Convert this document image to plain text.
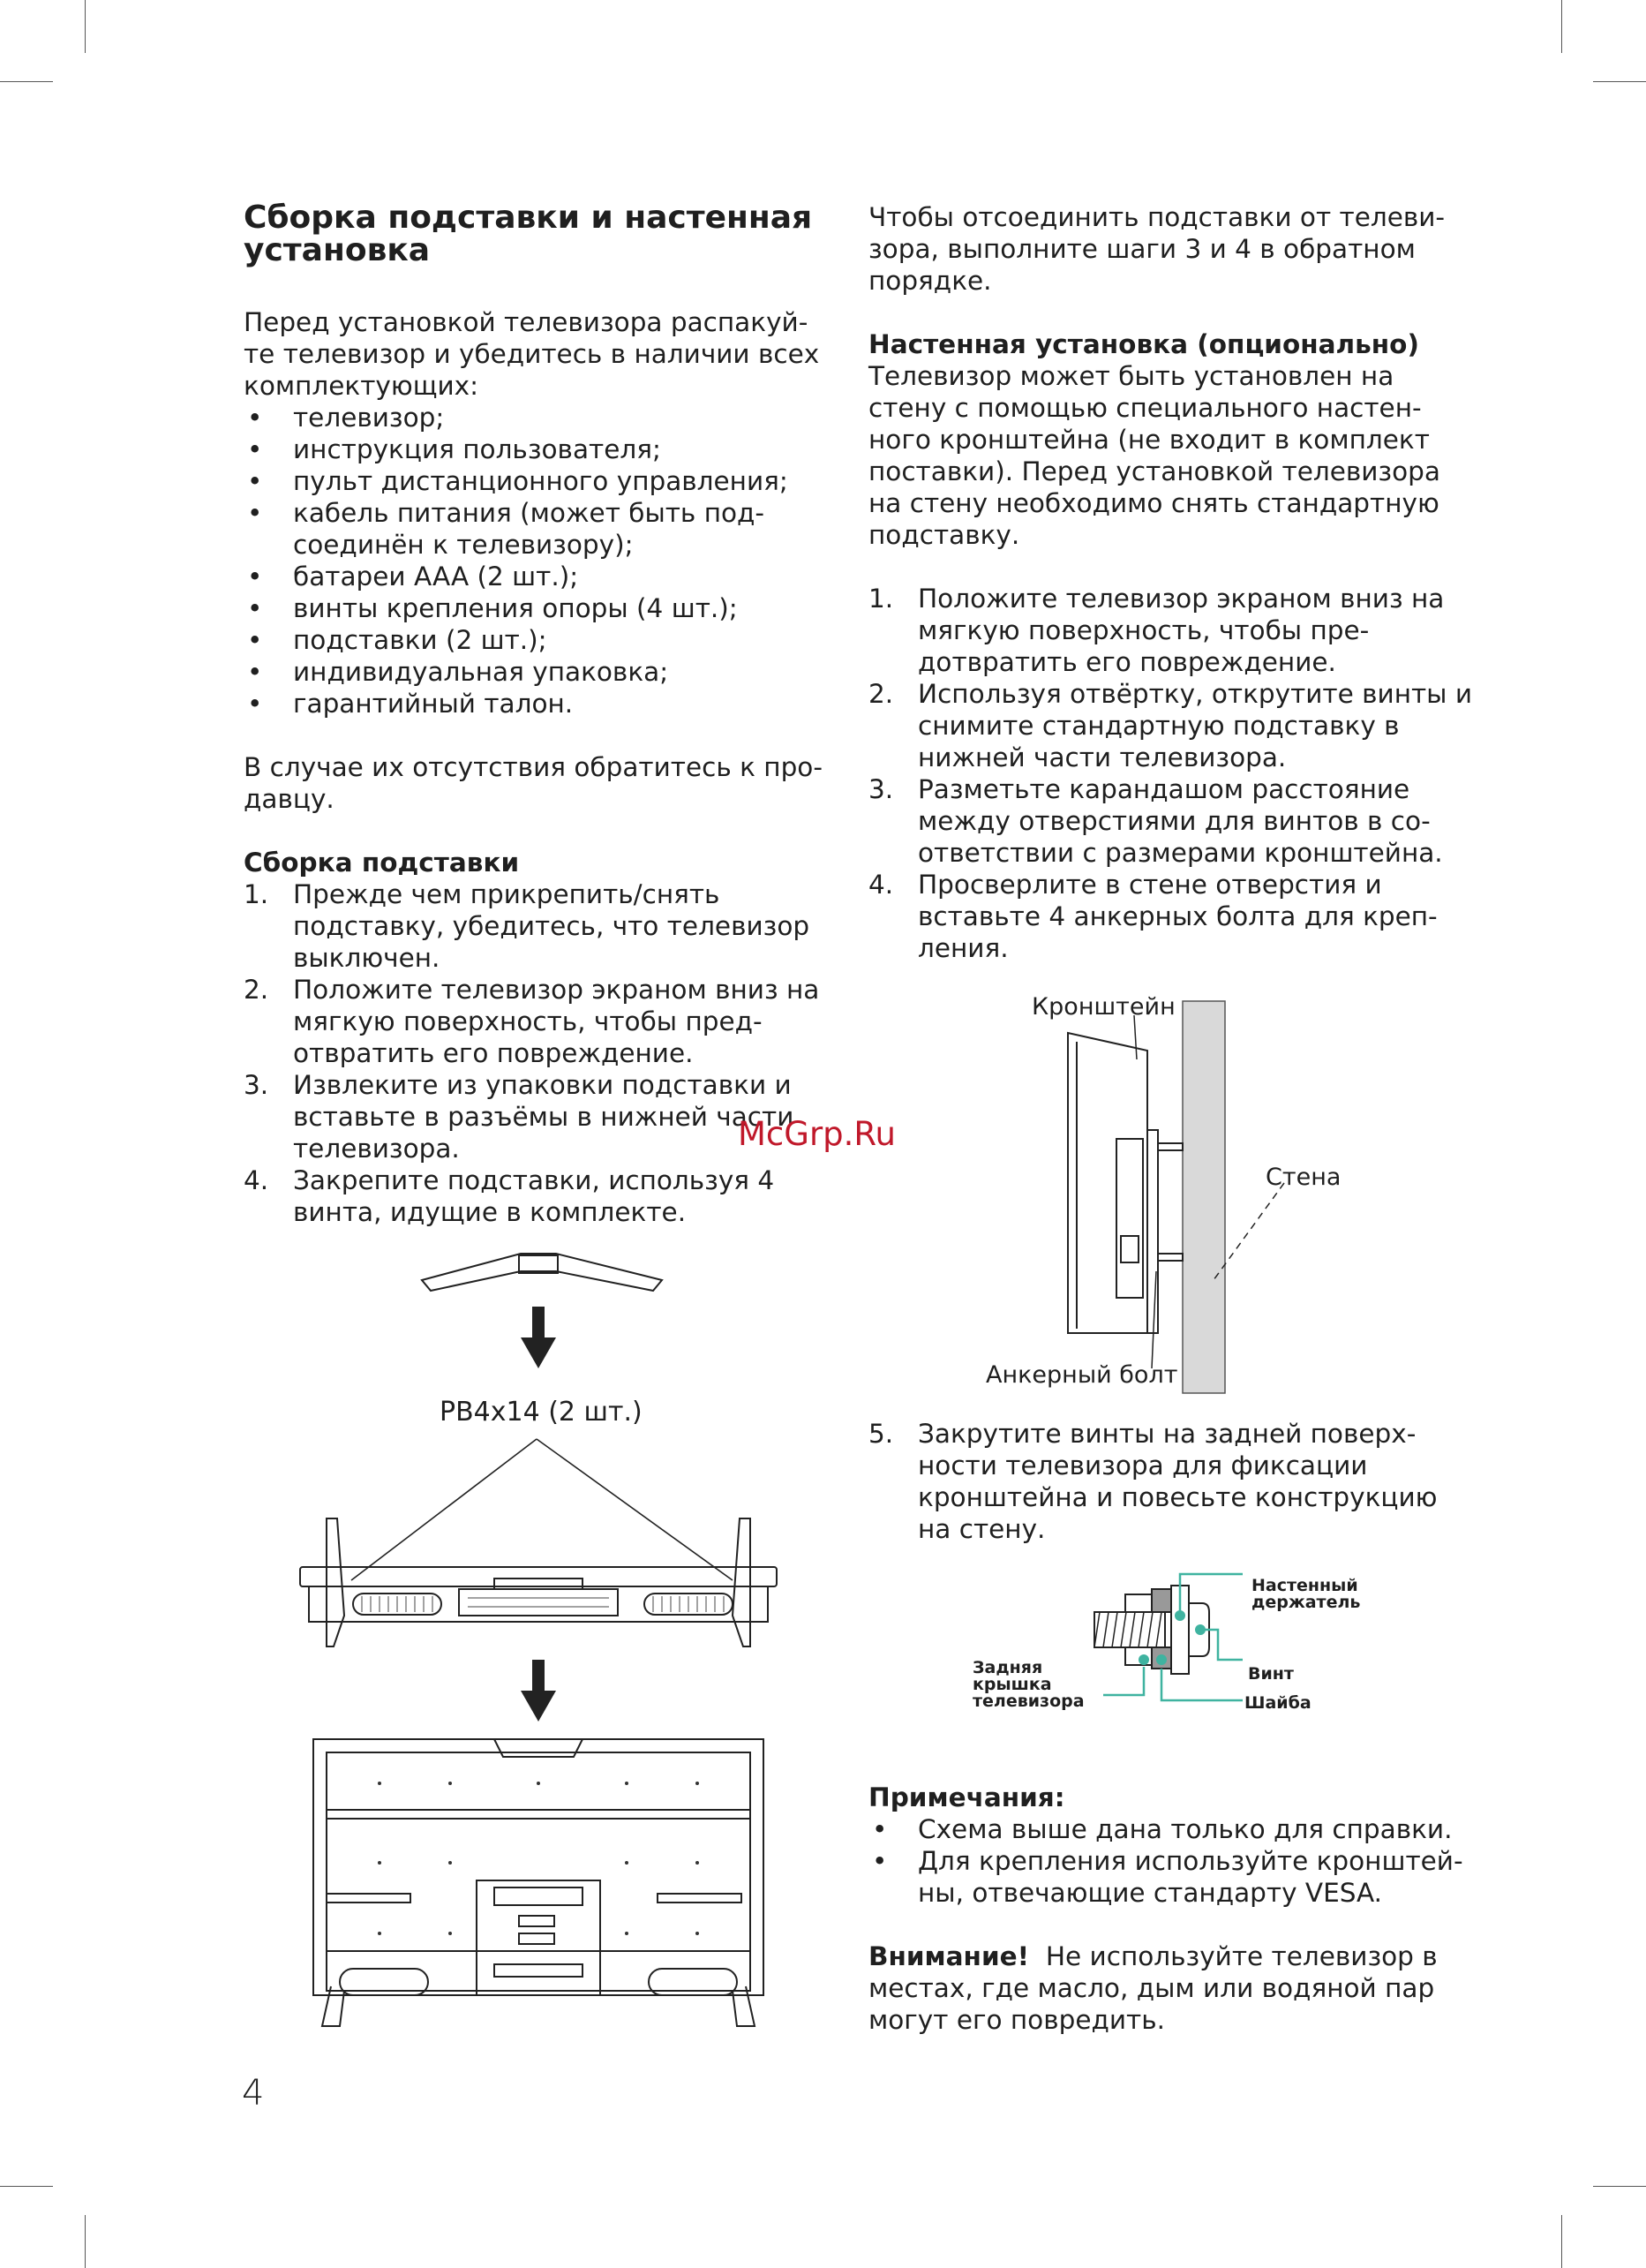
Сборка подставки и настенная установка

Перед установкой телевизора распакуй-те телевизор и убедитесь в наличии всех комплектующих:

• телевизор;
• инструкция пользователя;
• пульт дистанционного управления;
• кабель питания (может быть под-соединён к телевизору);
• батареи AAA (2 шт.);
• винты крепления опоры (4 шт.);
• подставки (2 шт.);
• индивидуальная упаковка;
• гарантийный талон.

В случае их отсутствия обратитесь к про-давцу.

Сборка подставки

1. Прежде чем прикрепить/снять подставку, убедитесь, что телевизор выключен.
2. Положите телевизор экраном вниз на мягкую поверхность, чтобы пред-отвратить его повреждение.
3. Извлеките из упаковки подставки и вставьте в разъёмы в нижней части телевизора.
4. Закрепите подставки, используя 4 винта, идущие в комплекте.
PB4x14 (2 шт.)
McGrp.Ru

Чтобы отсоединить подставки от телеви-зора, выполните шаги 3 и 4 в обратном порядке.

Настенная установка (опционально)

Телевизор может быть установлен на стену с помощью специального настен-ного кронштейна (не входит в комплект поставки). Перед установкой телевизора на стену необходимо снять стандартную подставку.

1. Положите телевизор экраном вниз на мягкую поверхность, чтобы пре-дотвратить его повреждение.
2. Используя отвёртку, открутите винты и снимите стандартную подставку в нижней части телевизора.
3. Разметьте карандашом расстояние между отверстиями для винтов в со-ответствии с размерами кронштейна.
4. Просверлите в стене отверстия и вставьте 4 анкерных болта для креп-ления.
Кронштейн
Стена
Анкерный болт
5. Закрутите винты на задней поверх-ности телевизора для фиксации кронштейна и повесьте конструкцию на стену.
Настенный держатель
Винт
Шайба
Задняя крышка телевизора

Примечания:

• Схема выше дана только для справки.
• Для крепления используйте кронштей-ны, отвечающие стандарту VESA.

Внимание! Не используйте телевизор в местах, где масло, дым или водяной пар могут его повредить.

4
